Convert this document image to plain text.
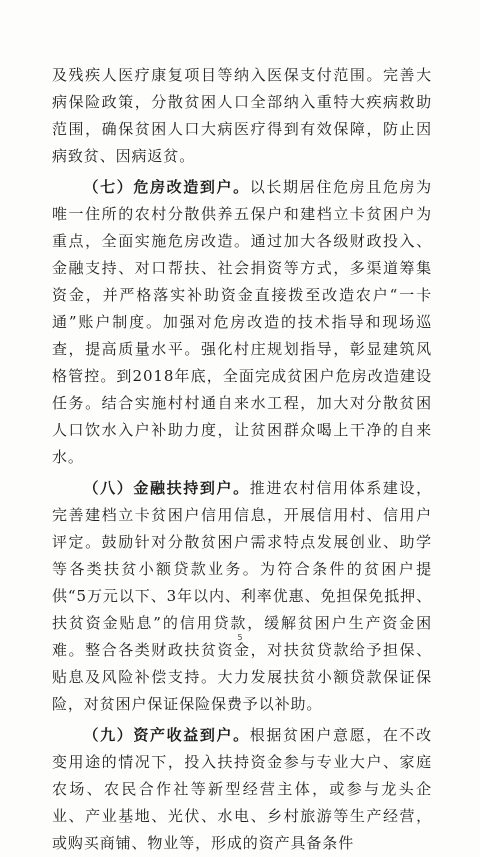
及残疾人医疗康复项目等纳入医保支付范围。完善大病保险政策，分散贫困人口全部纳入重特大疾病救助范围，确保贫困人口大病医疗得到有效保障，防止因病致贫、因病返贫。

（七）危房改造到户。以长期居住危房且危房为唯一住所的农村分散供养五保户和建档立卡贫困户为重点，全面实施危房改造。通过加大各级财政投入、金融支持、对口帮扶、社会捐资等方式，多渠道筹集资金，并严格落实补助资金直接拨至改造农户“一卡通”账户制度。加强对危房改造的技术指导和现场巡查，提高质量水平。强化村庄规划指导，彰显建筑风格管控。到2018年底，全面完成贫困户危房改造建设任务。结合实施村村通自来水工程，加大对分散贫困人口饮水入户补助力度，让贫困群众喝上干净的自来水。

（八）金融扶持到户。推进农村信用体系建设，完善建档立卡贫困户信用信息，开展信用村、信用户评定。鼓励针对分散贫困户需求特点发展创业、助学等各类扶贫小额贷款业务。为符合条件的贫困户提供“5万元以下、3年以内、利率优惠、免担保免抵押、扶贫资金贴息”的信用贷款，缓解贫困户生产资金困难。整合各类财政扶贫资金，对扶贫贷款给予担保、贴息及风险补偿支持。大力发展扶贫小额贷款保证保险，对贫困户保证保险保费予以补助。

（九）资产收益到户。根据贫困户意愿，在不改变用途的情况下，投入扶持资金参与专业大户、家庭农场、农民合作社等新型经营主体，或参与龙头企业、产业基地、光伏、水电、乡村旅游等生产经营，或购买商铺、物业等，形成的资产具备条件

5
